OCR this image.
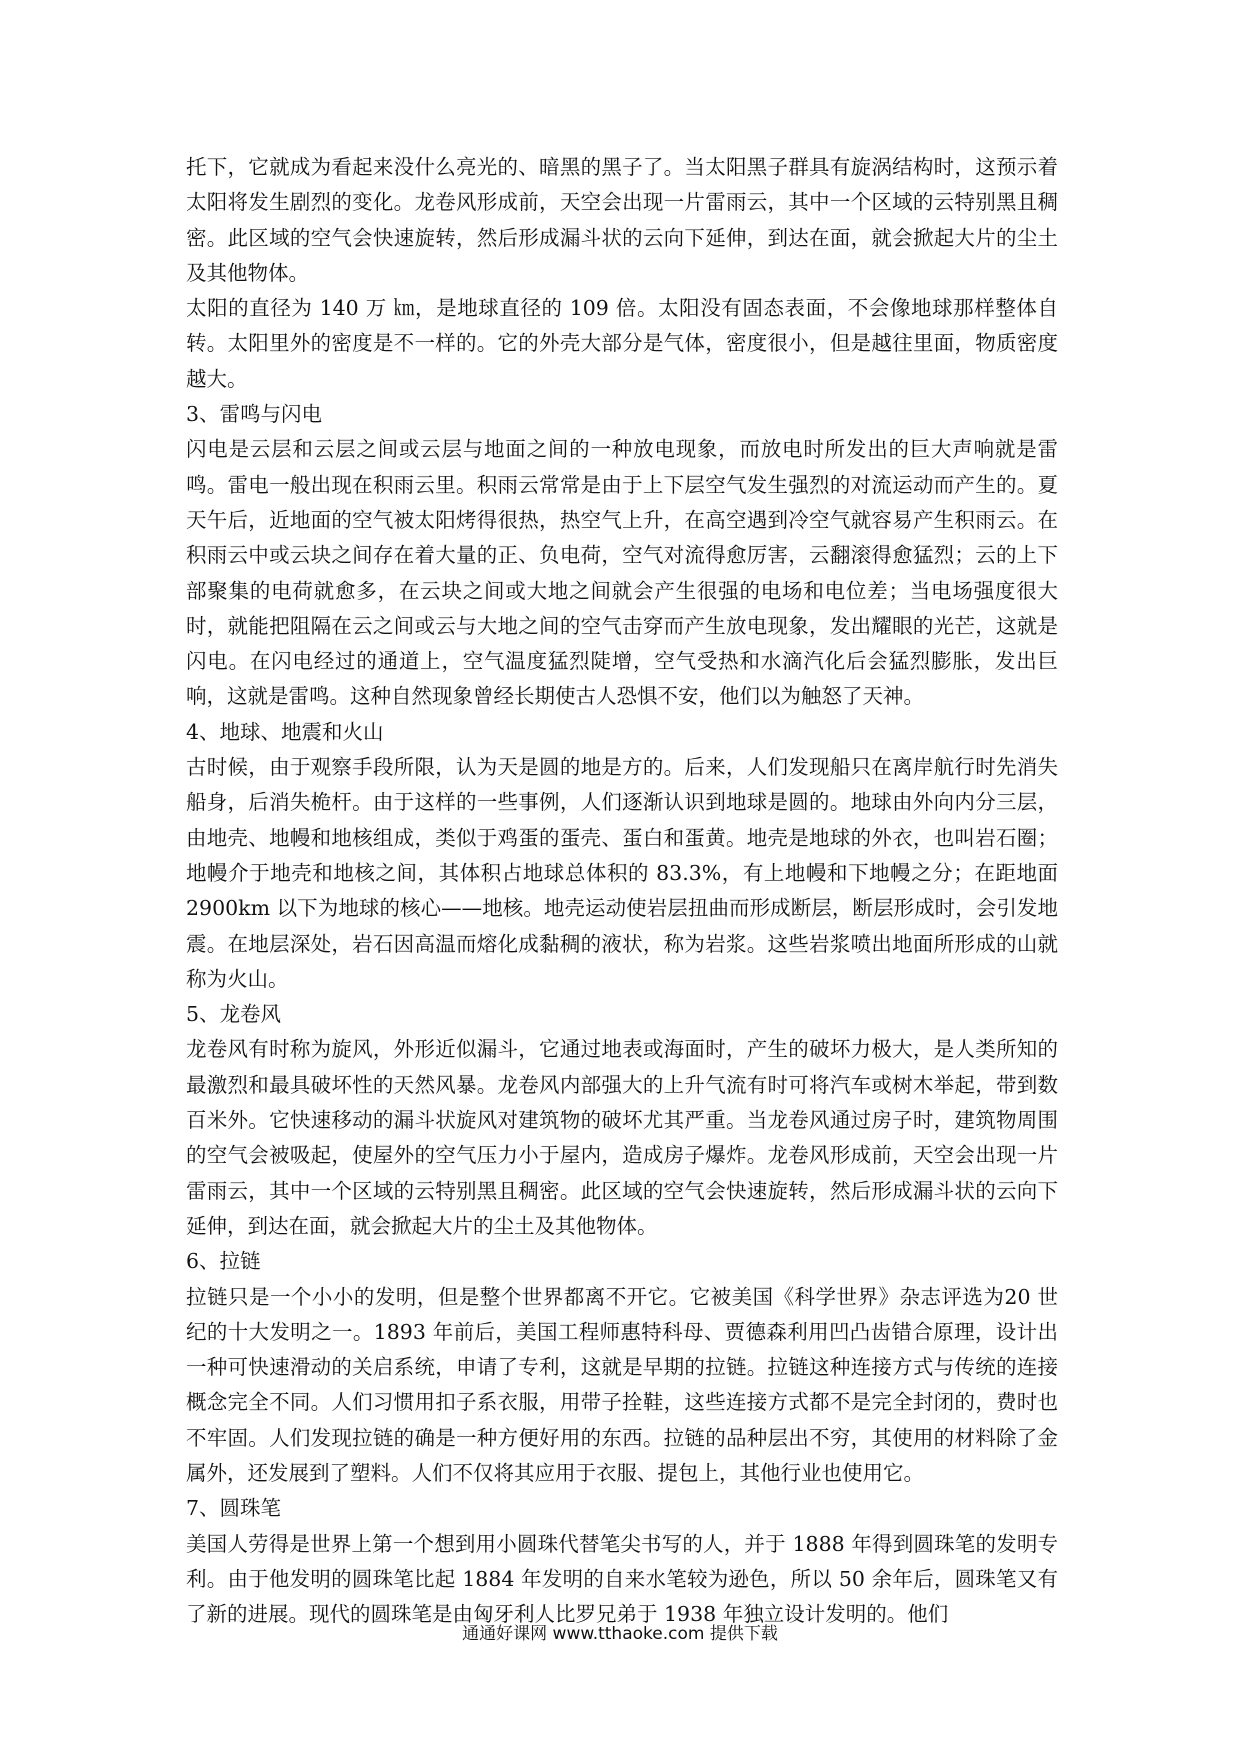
托下，它就成为看起来没什么亮光的、暗黑的黑子了。当太阳黑子群具有旋涡结构时，这预示着太阳将发生剧烈的变化。龙卷风形成前，天空会出现一片雷雨云，其中一个区域的云特别黑且稠密。此区域的空气会快速旋转，然后形成漏斗状的云向下延伸，到达在面，就会掀起大片的尘土及其他物体。

太阳的直径为 140 万 ㎞，是地球直径的 109 倍。太阳没有固态表面，不会像地球那样整体自转。太阳里外的密度是不一样的。它的外壳大部分是气体，密度很小，但是越往里面，物质密度越大。

3、雷鸣与闪电

闪电是云层和云层之间或云层与地面之间的一种放电现象，而放电时所发出的巨大声响就是雷鸣。雷电一般出现在积雨云里。积雨云常常是由于上下层空气发生强烈的对流运动而产生的。夏天午后，近地面的空气被太阳烤得很热，热空气上升，在高空遇到冷空气就容易产生积雨云。在积雨云中或云块之间存在着大量的正、负电荷，空气对流得愈厉害，云翻滚得愈猛烈；云的上下部聚集的电荷就愈多，在云块之间或大地之间就会产生很强的电场和电位差；当电场强度很大时，就能把阻隔在云之间或云与大地之间的空气击穿而产生放电现象，发出耀眼的光芒，这就是闪电。在闪电经过的通道上，空气温度猛烈陡增，空气受热和水滴汽化后会猛烈膨胀，发出巨响，这就是雷鸣。这种自然现象曾经长期使古人恐惧不安，他们以为触怒了天神。

4、地球、地震和火山

古时候，由于观察手段所限，认为天是圆的地是方的。后来，人们发现船只在离岸航行时先消失船身，后消失桅杆。由于这样的一些事例，人们逐渐认识到地球是圆的。地球由外向内分三层，由地壳、地幔和地核组成，类似于鸡蛋的蛋壳、蛋白和蛋黄。地壳是地球的外衣，也叫岩石圈；地幔介于地壳和地核之间，其体积占地球总体积的 83.3%，有上地幔和下地幔之分；在距地面 2900km 以下为地球的核心——地核。地壳运动使岩层扭曲而形成断层，断层形成时，会引发地震。在地层深处，岩石因高温而熔化成黏稠的液状，称为岩浆。这些岩浆喷出地面所形成的山就称为火山。

5、龙卷风

龙卷风有时称为旋风，外形近似漏斗，它通过地表或海面时，产生的破坏力极大，是人类所知的最激烈和最具破坏性的天然风暴。龙卷风内部强大的上升气流有时可将汽车或树木举起，带到数百米外。它快速移动的漏斗状旋风对建筑物的破坏尤其严重。当龙卷风通过房子时，建筑物周围的空气会被吸起，使屋外的空气压力小于屋内，造成房子爆炸。龙卷风形成前，天空会出现一片雷雨云，其中一个区域的云特别黑且稠密。此区域的空气会快速旋转，然后形成漏斗状的云向下延伸，到达在面，就会掀起大片的尘土及其他物体。

6、拉链

拉链只是一个小小的发明，但是整个世界都离不开它。它被美国《科学世界》杂志评选为20 世纪的十大发明之一。1893 年前后，美国工程师惠特科母、贾德森利用凹凸齿错合原理，设计出一种可快速滑动的关启系统，申请了专利，这就是早期的拉链。拉链这种连接方式与传统的连接概念完全不同。人们习惯用扣子系衣服，用带子拴鞋，这些连接方式都不是完全封闭的，费时也不牢固。人们发现拉链的确是一种方便好用的东西。拉链的品种层出不穷，其使用的材料除了金属外，还发展到了塑料。人们不仅将其应用于衣服、提包上，其他行业也使用它。

7、圆珠笔

美国人劳得是世界上第一个想到用小圆珠代替笔尖书写的人，并于 1888 年得到圆珠笔的发明专利。由于他发明的圆珠笔比起 1884 年发明的自来水笔较为逊色，所以 50 余年后，圆珠笔又有了新的进展。现代的圆珠笔是由匈牙利人比罗兄弟于 1938 年独立设计发明的。他们

通通好课网 www.tthaoke.com 提供下载
